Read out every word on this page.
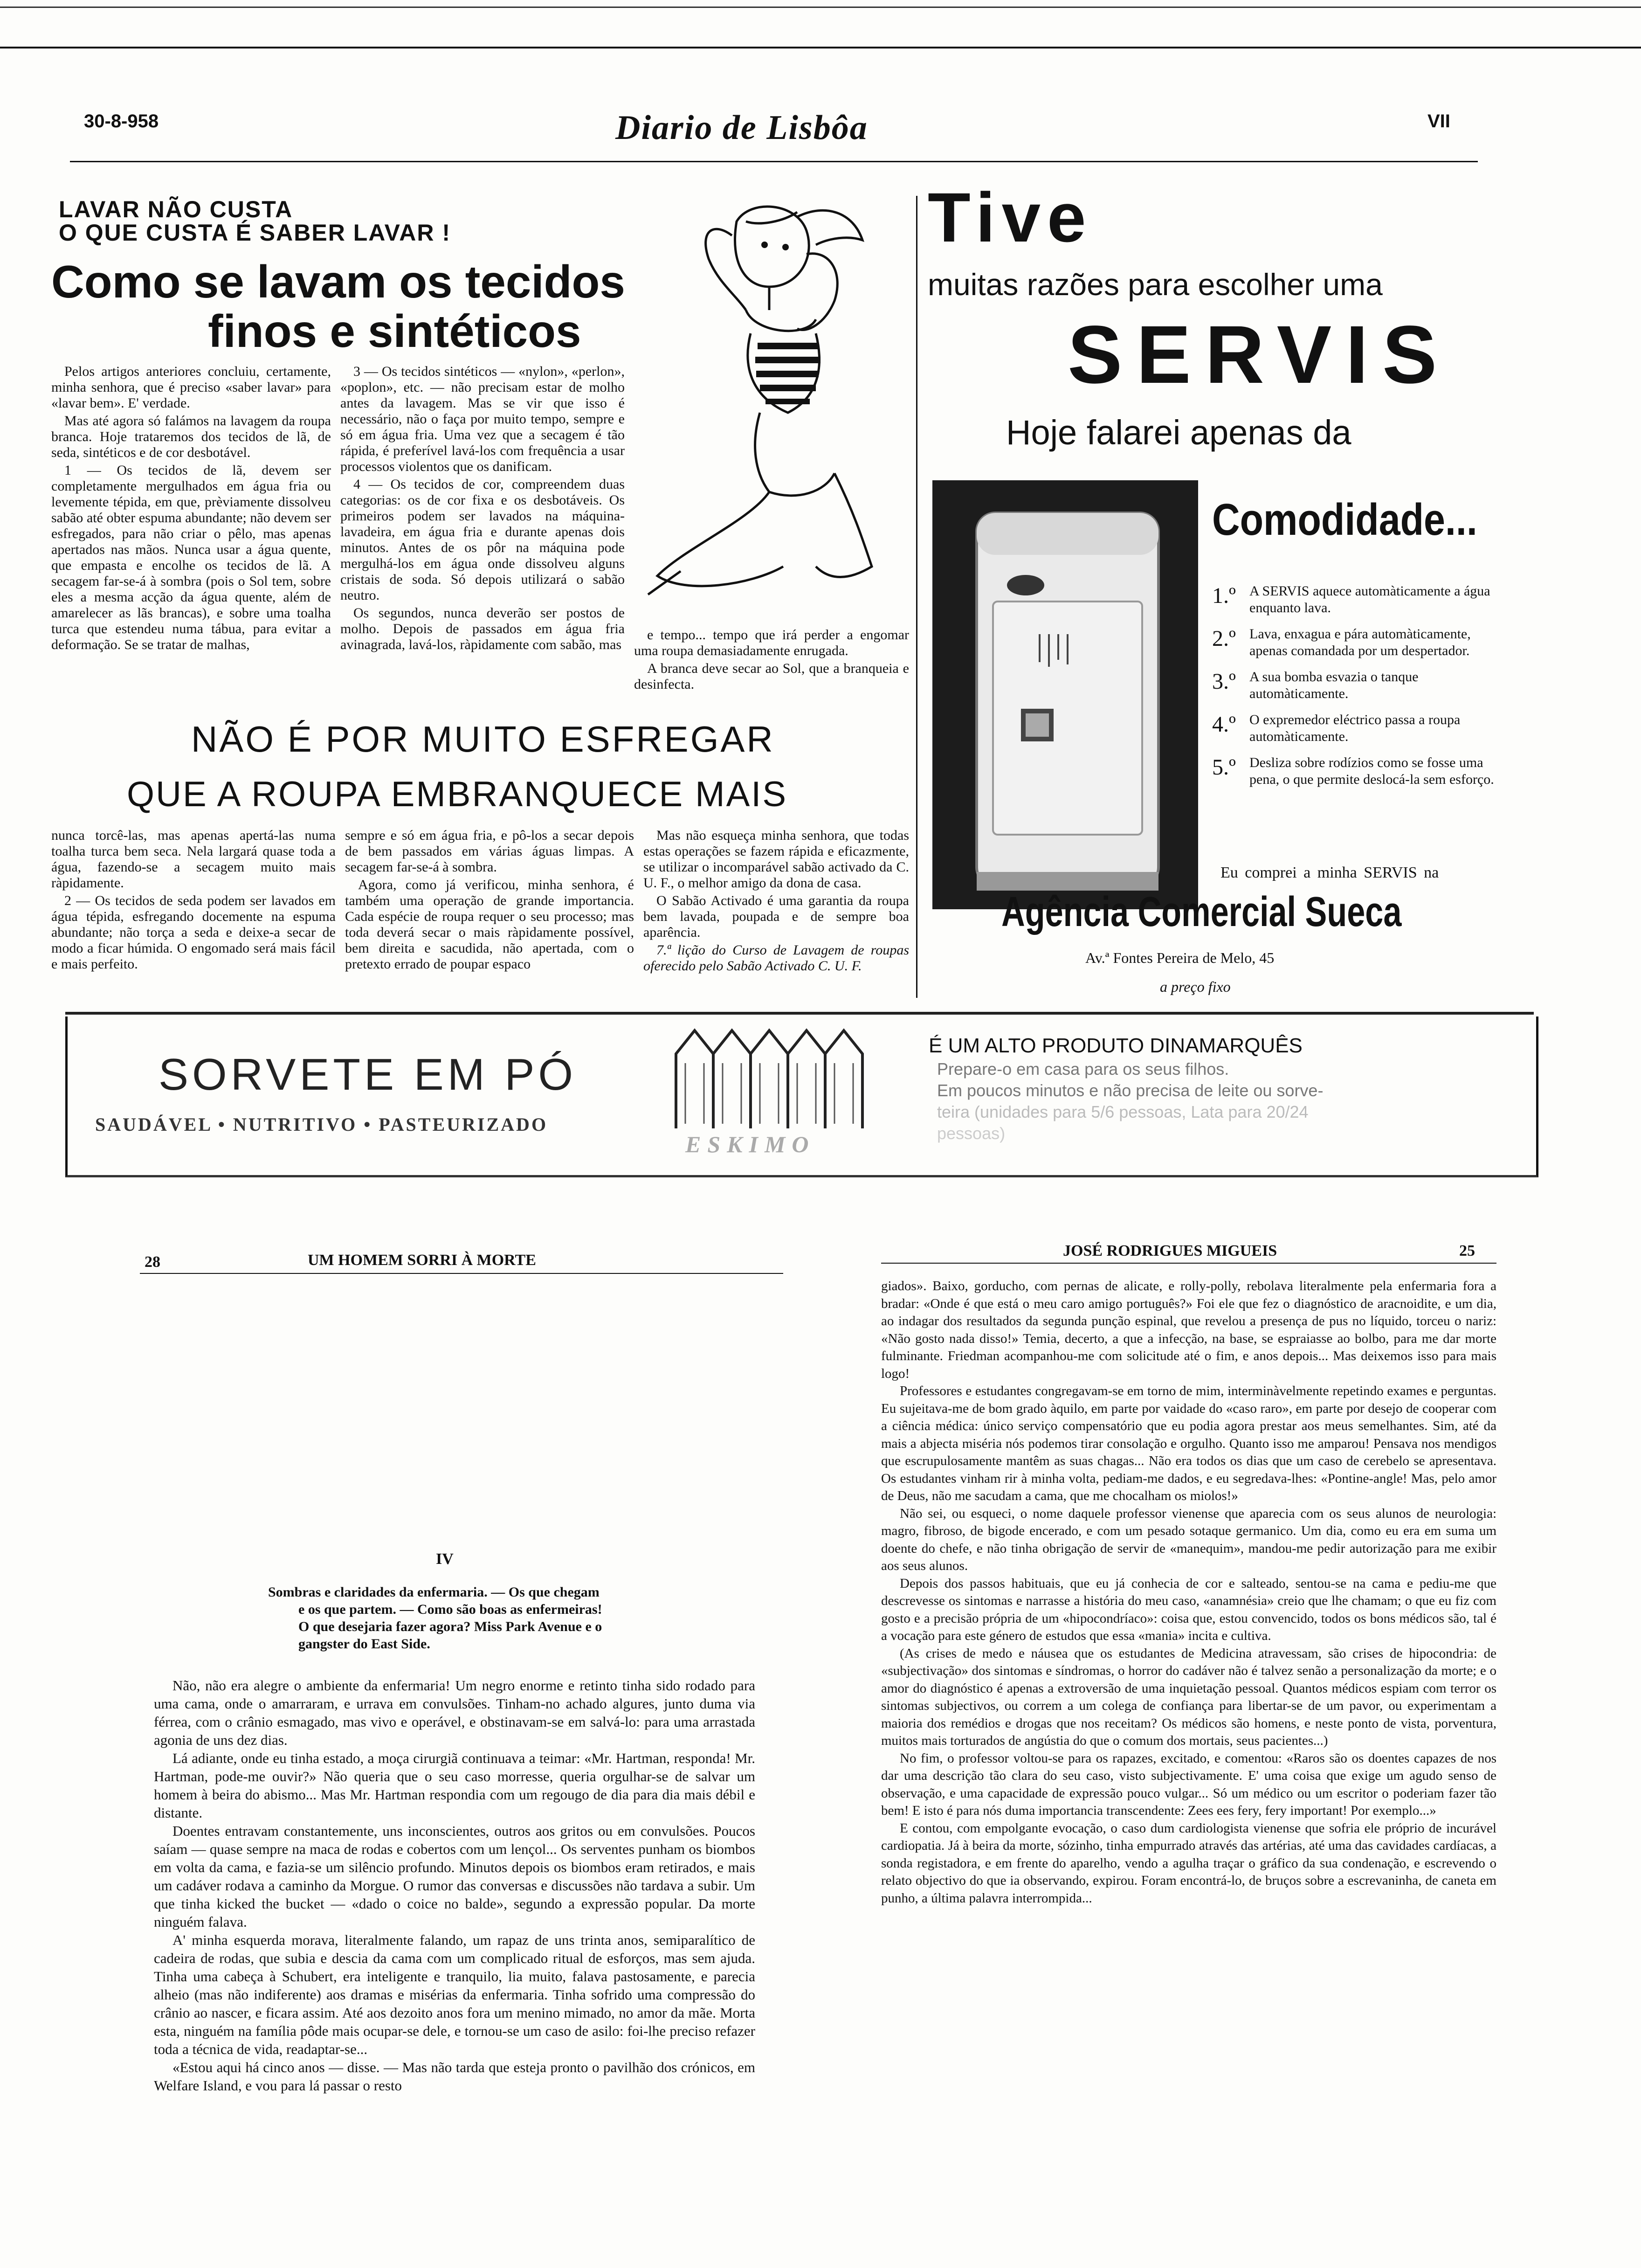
30-8-958	Diario de Lisbôa	VII
LAVAR NÃO CUSTA
O QUE CUSTA É SABER LAVAR !
Como se lavam os tecidos
finos e sintéticos

Pelos artigos anteriores concluiu, certamente, minha senhora, que é preciso «saber lavar» para «lavar bem». E' verdade.

Mas até agora só falámos na lavagem da roupa branca. Hoje trataremos dos tecidos de lã, de seda, sintéticos e de cor desbotável.

1 — Os tecidos de lã, devem ser completamente mergulhados em água fria ou levemente tépida, em que, prèviamente dissolveu sabão até obter espuma abundante; não devem ser esfregados, para não criar o pêlo, mas apenas apertados nas mãos. Nunca usar a água quente, que empasta e encolhe os tecidos de lã. A secagem far-se-á à sombra (pois o Sol tem, sobre eles a mesma acção da água quente, além de amarelecer as lãs brancas), e sobre uma toalha turca que estendeu numa tábua, para evitar a deformação. Se se tratar de malhas,

3 — Os tecidos sintéticos — «nylon», «perlon», «poplon», etc. — não precisam estar de molho antes da lavagem. Mas se vir que isso é necessário, não o faça por muito tempo, sempre e só em água fria. Uma vez que a secagem é tão rápida, é preferível lavá-los com frequência a usar processos violentos que os danificam.

4 — Os tecidos de cor, compreendem duas categorias: os de cor fixa e os desbotáveis. Os primeiros podem ser lavados na máquina-lavadeira, em água fria e durante apenas dois minutos. Antes de os pôr na máquina pode mergulhá-los em água onde dissolveu alguns cristais de soda. Só depois utilizará o sabão neutro.

Os segundos, nunca deverão ser postos de molho. Depois de passados em água fria avinagrada, lavá-los, ràpidamente com sabão, mas

e tempo... tempo que irá perder a engomar uma roupa demasiadamente enrugada.

A branca deve secar ao Sol, que a branqueia e desinfecta.

NÃO É POR MUITO ESFREGAR
QUE A ROUPA EMBRANQUECE MAIS

nunca torcê-las, mas apenas apertá-las numa toalha turca bem seca. Nela largará quase toda a água, fazendo-se a secagem muito mais ràpidamente.

2 — Os tecidos de seda podem ser lavados em água tépida, esfregando docemente na espuma abundante; não torça a seda e deixe-a secar de modo a ficar húmida. O engomado será mais fácil e mais perfeito.

sempre e só em água fria, e pô-los a secar depois de bem passados em várias águas limpas. A secagem far-se-á à sombra.

Agora, como já verificou, minha senhora, é também uma operação de grande importancia. Cada espécie de roupa requer o seu processo; mas toda deverá secar o mais ràpidamente possível, bem direita e sacudida, não apertada, com o pretexto errado de poupar espaco

Mas não esqueça minha senhora, que todas estas operações se fazem rápida e eficazmente, se utilizar o incomparável sabão activado da C. U. F., o melhor amigo da dona de casa.

O Sabão Activado é uma garantia da roupa bem lavada, poupada e de sempre boa aparência.

7.ª lição do Curso de Lavagem de roupas oferecido pelo Sabão Activado C. U. F.

Tive
muitas razões para escolher uma
SERVIS
Hoje falarei apenas da
Comodidade...
1.º A SERVIS aquece automàticamente a água enquanto lava.
2.º Lava, enxagua e pára automàticamente, apenas comandada por um despertador.
3.º A sua bomba esvazia o tanque automàticamente.
4.º O expremedor eléctrico passa a roupa automàticamente.
5.º Desliza sobre rodízios como se fosse uma pena, o que permite deslocá-la sem esforço.
Eu comprei a minha SERVIS na
Agência Comercial Sueca
Av.ª Fontes Pereira de Melo, 45
a preço fixo
SORVETE EM PÓ
SAUDÁVEL • NUTRITIVO • PASTEURIZADO
ESKIMO
É UM ALTO PRODUTO DINAMARQUÊS
Prepare-o em casa para os seus filhos.
Em poucos minutos e não precisa de leite ou sorve-
teira (unidades para 5/6 pessoas, Lata para 20/24
pessoas)
28	UM HOMEM SORRI À MORTE
IV
Sombras e claridades da enfermaria. — Os que chegam
e os que partem. — Como são boas as enfermeiras!
O que desejaria fazer agora? Miss Park Avenue e o
gangster do East Side.

Não, não era alegre o ambiente da enfermaria! Um negro enorme e retinto tinha sido rodado para uma cama, onde o amarraram, e urrava em convulsões. Tinham-no achado algures, junto duma via férrea, com o crânio esmagado, mas vivo e operável, e obstinavam-se em salvá-lo: para uma arrastada agonia de uns dez dias.

Lá adiante, onde eu tinha estado, a moça cirurgiã continuava a teimar: «Mr. Hartman, responda! Mr. Hartman, pode-me ouvir?» Não queria que o seu caso morresse, queria orgulhar-se de salvar um homem à beira do abismo... Mas Mr. Hartman respondia com um regougo de dia para dia mais débil e distante.

Doentes entravam constantemente, uns inconscientes, outros aos gritos ou em convulsões. Poucos saíam — quase sempre na maca de rodas e cobertos com um lençol... Os serventes punham os biombos em volta da cama, e fazia-se um silêncio profundo. Minutos depois os biombos eram retirados, e mais um cadáver rodava a caminho da Morgue. O rumor das conversas e discussões não tardava a subir. Um que tinha kicked the bucket — «dado o coice no balde», segundo a expressão popular. Da morte ninguém falava.

A' minha esquerda morava, literalmente falando, um rapaz de uns trinta anos, semiparalítico de cadeira de rodas, que subia e descia da cama com um complicado ritual de esforços, mas sem ajuda. Tinha uma cabeça à Schubert, era inteligente e tranquilo, lia muito, falava pastosamente, e parecia alheio (mas não indiferente) aos dramas e misérias da enfermaria. Tinha sofrido uma compressão do crânio ao nascer, e ficara assim. Até aos dezoito anos fora um menino mimado, no amor da mãe. Morta esta, ninguém na família pôde mais ocupar-se dele, e tornou-se um caso de asilo: foi-lhe preciso refazer toda a técnica de vida, readaptar-se...

«Estou aqui há cinco anos — disse. — Mas não tarda que esteja pronto o pavilhão dos crónicos, em Welfare Island, e vou para lá passar o resto

JOSÉ RODRIGUES MIGUEIS	25

giados». Baixo, gorducho, com pernas de alicate, e rolly-polly, rebolava literalmente pela enfermaria fora a bradar: «Onde é que está o meu caro amigo português?» Foi ele que fez o diagnóstico de aracnoidite, e um dia, ao indagar dos resultados da segunda punção espinal, que revelou a presença de pus no líquido, torceu o nariz: «Não gosto nada disso!» Temia, decerto, a que a infecção, na base, se espraiasse ao bolbo, para me dar morte fulminante. Friedman acompanhou-me com solicitude até o fim, e anos depois... Mas deixemos isso para mais logo!

Professores e estudantes congregavam-se em torno de mim, interminàvelmente repetindo exames e perguntas. Eu sujeitava-me de bom grado àquilo, em parte por vaidade do «caso raro», em parte por desejo de cooperar com a ciência médica: único serviço compensatório que eu podia agora prestar aos meus semelhantes. Sim, até da mais a abjecta miséria nós podemos tirar consolação e orgulho. Quanto isso me amparou! Pensava nos mendigos que escrupulosamente mantêm as suas chagas... Não era todos os dias que um caso de cerebelo se apresentava. Os estudantes vinham rir à minha volta, pediam-me dados, e eu segredava-lhes: «Pontine-angle! Mas, pelo amor de Deus, não me sacudam a cama, que me chocalham os miolos!»

Não sei, ou esqueci, o nome daquele professor vienense que aparecia com os seus alunos de neurologia: magro, fibroso, de bigode encerado, e com um pesado sotaque germanico. Um dia, como eu era em suma um doente do chefe, e não tinha obrigação de servir de «manequim», mandou-me pedir autorização para me exibir aos seus alunos.

Depois dos passos habituais, que eu já conhecia de cor e salteado, sentou-se na cama e pediu-me que descrevesse os sintomas e narrasse a história do meu caso, «anamnésia» creio que lhe chamam; o que eu fiz com gosto e a precisão própria de um «hipocondríaco»: coisa que, estou convencido, todos os bons médicos são, tal é a vocação para este género de estudos que essa «mania» incita e cultiva.

(As crises de medo e náusea que os estudantes de Medicina atravessam, são crises de hipocondria: de «subjectivação» dos sintomas e síndromas, o horror do cadáver não é talvez senão a personalização da morte; e o amor do diagnóstico é apenas a extroversão de uma inquietação pessoal. Quantos médicos espiam com terror os sintomas subjectivos, ou correm a um colega de confiança para libertar-se de um pavor, ou experimentam a maioria dos remédios e drogas que nos receitam? Os médicos são homens, e neste ponto de vista, porventura, muitos mais torturados de angústia do que o comum dos mortais, seus pacientes...)

No fim, o professor voltou-se para os rapazes, excitado, e comentou: «Raros são os doentes capazes de nos dar uma descrição tão clara do seu caso, visto subjectivamente. E' uma coisa que exige um agudo senso de observação, e uma capacidade de expressão pouco vulgar... Só um médico ou um escritor o poderiam fazer tão bem! E isto é para nós duma importancia transcendente: Zees ees fery, fery important! Por exemplo...»

E contou, com empolgante evocação, o caso dum cardiologista vienense que sofria ele próprio de incurável cardiopatia. Já à beira da morte, sózinho, tinha empurrado através das artérias, até uma das cavidades cardíacas, a sonda registadora, e em frente do aparelho, vendo a agulha traçar o gráfico da sua condenação, e escrevendo o relato objectivo do que ia observando, expirou. Foram encontrá-lo, de bruços sobre a escrevaninha, de caneta em punho, a última palavra interrompida...
